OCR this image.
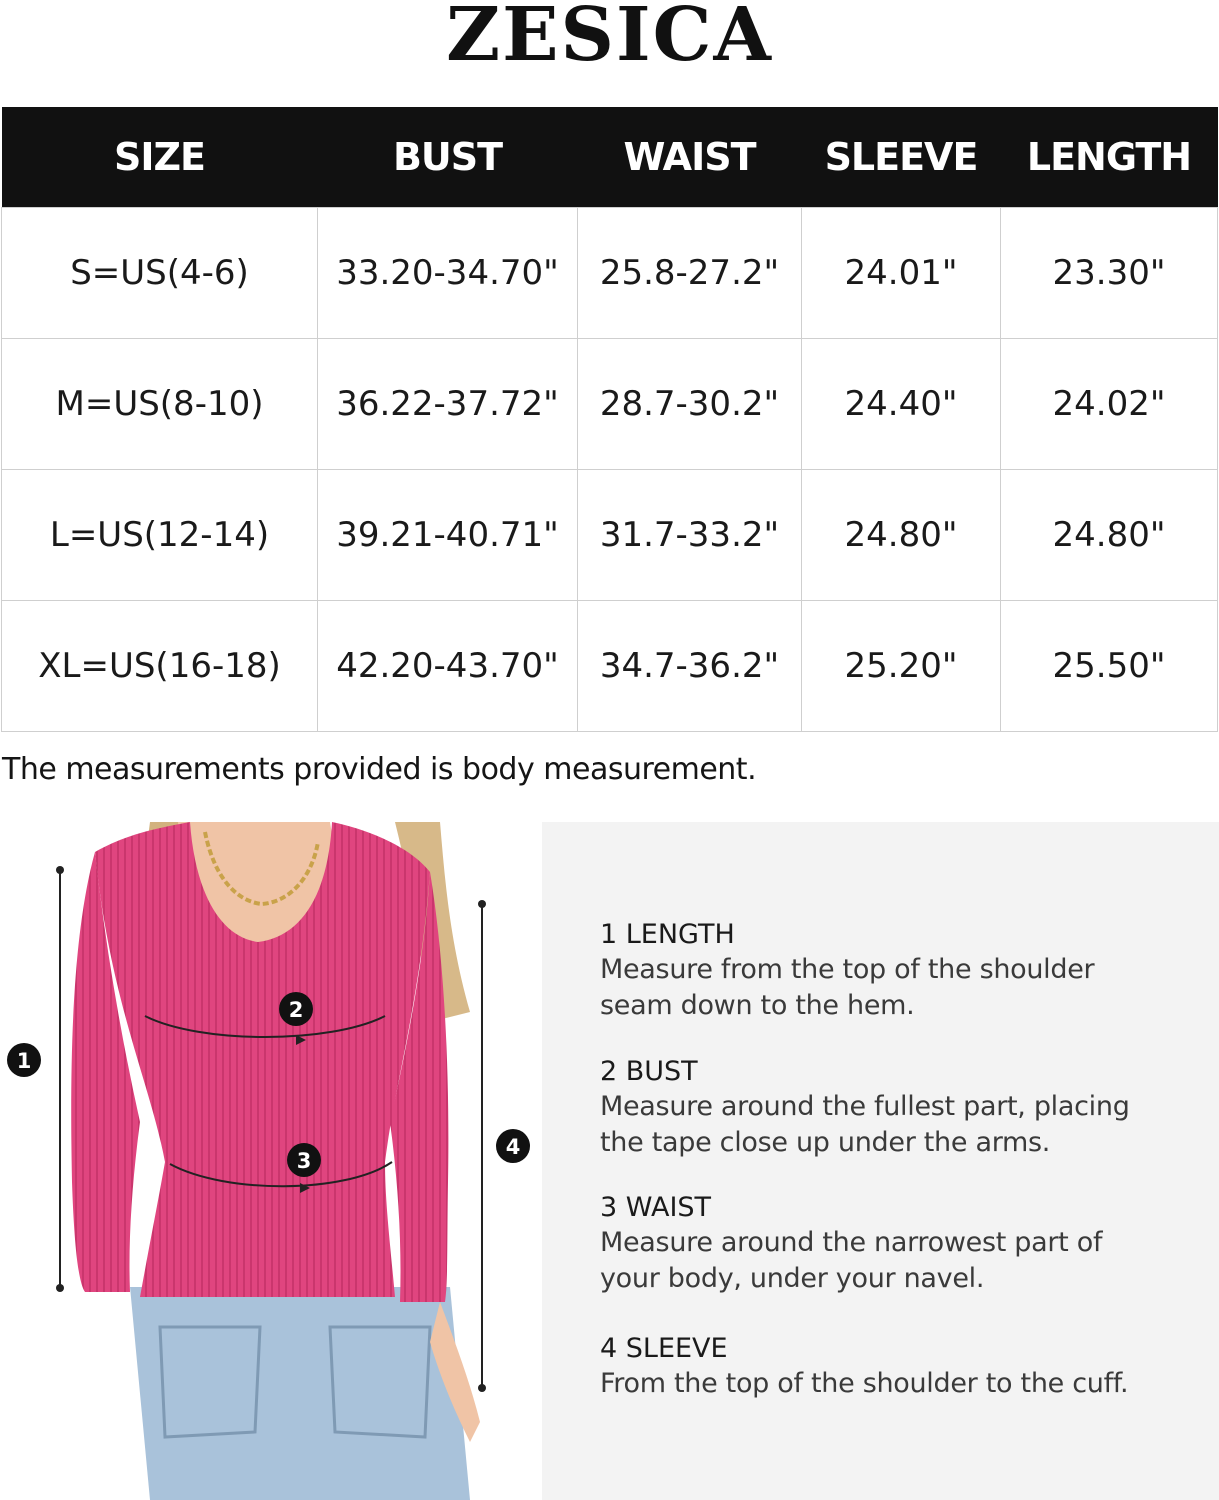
ZESICA
SIZE	BUST	WAIST	SLEEVE	LENGTH
S=US(4-6)	33.20-34.70"	25.8-27.2"	24.01"	23.30"
M=US(8-10)	36.22-37.72"	28.7-30.2"	24.40"	24.02"
L=US(12-14)	39.21-40.71"	31.7-33.2"	24.80"	24.80"
XL=US(16-18)	42.20-43.70"	34.7-36.2"	25.20"	25.50"
The measurements provided is body measurement.
1
2
3
4
1 LENGTH
Measure from the top of the shoulder
seam down to the hem.
2 BUST
Measure around the fullest part, placing
the tape close up under the arms.
3 WAIST
Measure around the narrowest part of
your body, under your navel.
4 SLEEVE
From the top of the shoulder to the cuff.
